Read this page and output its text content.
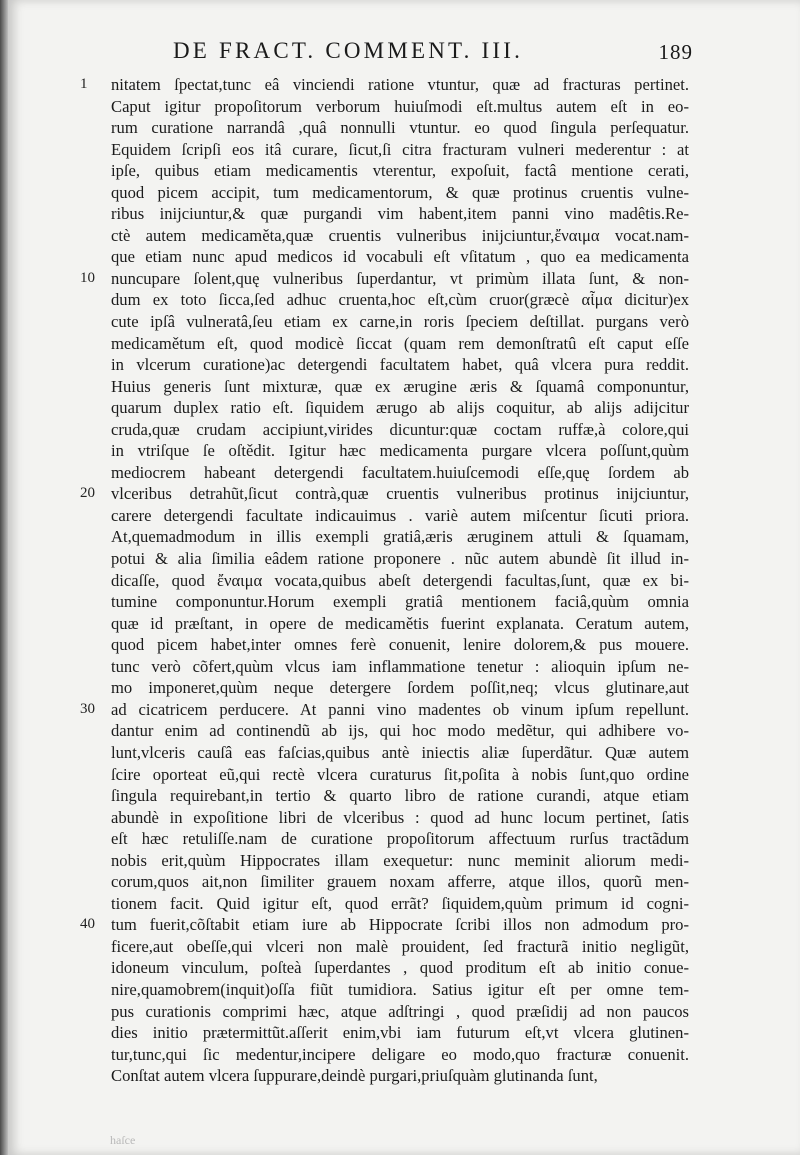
DE FRACT. COMMENT. III.	189
1 nitatem ſpectat,tunc eâ vinciendi ratione vtuntur, quæ ad fracturas pertinet.
Caput igitur propoſitorum verborum huiuſmodi eſt.multus autem eſt in eo-
rum curatione narrandâ ,quâ nonnulli vtuntur. eo quod ſingula perſequatur.
Equidem ſcripſi eos itâ curare, ſicut,ſi citra fracturam vulneri mederentur : at
ipſe, quibus etiam medicamentis vterentur, expoſuit, factâ mentione cerati,
quod picem accipit, tum medicamentorum, & quæ protinus cruentis vulne-
ribus inijciuntur,& quæ purgandi vim habent,item panni vino madêtis.Re-
ctè autem medicaměta,quæ cruentis vulneribus inijciuntur,ἔναιμα vocat.nam-
que etiam nunc apud medicos id vocabuli eſt vſitatum , quo ea medicamenta
10 nuncupare ſolent,quę vulneribus ſuperdantur, vt primùm illata ſunt, & non-
dum ex toto ſicca,ſed adhuc cruenta,hoc eſt,cùm cruor(græcè αἷμα dicitur)ex
cute ipſâ vulneratâ,ſeu etiam ex carne,in roris ſpeciem deſtillat. purgans verò
medicamětum eſt, quod modicè ſiccat (quam rem demonſtratû eſt caput eſſe
in vlcerum curatione)ac detergendi facultatem habet, quâ vlcera pura reddit.
Huius generis ſunt mixturæ, quæ ex ærugine æris & ſquamâ componuntur,
quarum duplex ratio eſt. ſiquidem ærugo ab alijs coquitur, ab alijs adijcitur
cruda,quæ crudam accipiunt,virides dicuntur:quæ coctam ruffæ,à colore,qui
in vtriſque ſe oſtědit. Igitur hæc medicamenta purgare vlcera poſſunt,quùm
mediocrem habeant detergendi facultatem.huiuſcemodi eſſe,quę ſordem ab
20 vlceribus detrahũt,ſicut contrà,quæ cruentis vulneribus protinus inijciuntur,
carere detergendi facultate indicauimus . variè autem miſcentur ſicuti priora.
At,quemadmodum in illis exempli gratiâ,æris æruginem attuli & ſquamam,
potui & alia ſimilia eâdem ratione proponere . nũc autem abundè ſit illud in-
dicaſſe, quod ἔναιμα vocata,quibus abeſt detergendi facultas,ſunt, quæ ex bi-
tumine componuntur.Horum exempli gratiâ mentionem faciâ,quùm omnia
quæ id præſtant, in opere de medicamětis fuerint explanata. Ceratum autem,
quod picem habet,inter omnes ferè conuenit, lenire dolorem,& pus mouere.
tunc verò cõfert,quùm vlcus iam inflammatione tenetur : alioquin ipſum ne-
mo imponeret,quùm neque detergere ſordem poſſit,neq; vlcus glutinare,aut
30 ad cicatricem perducere. At panni vino madentes ob vinum ipſum repellunt.
dantur enim ad continendũ ab ijs, qui hoc modo medẽtur, qui adhibere vo-
lunt,vlceris cauſâ eas faſcias,quibus antè iniectis aliæ ſuperdãtur. Quæ autem
ſcire oporteat eũ,qui rectè vlcera curaturus ſit,poſita à nobis ſunt,quo ordine
ſingula requirebant,in tertio & quarto libro de ratione curandi, atque etiam
abundè in expoſitione libri de vlceribus : quod ad hunc locum pertinet, ſatis
eſt hæc retuliſſe.nam de curatione propoſitorum affectuum rurſus tractãdum
nobis erit,quùm Hippocrates illam exequetur: nunc meminit aliorum medi-
corum,quos ait,non ſimiliter grauem noxam afferre, atque illos, quorũ men-
tionem facit. Quid igitur eſt, quod errãt? ſiquidem,quùm primum id cogni-
40 tum fuerit,cõſtabit etiam iure ab Hippocrate ſcribi illos non admodum pro-
ficere,aut obeſſe,qui vlceri non malè prouident, ſed fracturã initio negligũt,
idoneum vinculum, poſteà ſuperdantes , quod proditum eſt ab initio conue-
nire,quamobrem(inquit)oſſa fiũt tumidiora. Satius igitur eſt per omne tem-
pus curationis comprimi hæc, atque adſtringi , quod præſidij ad non paucos
dies initio prætermittũt.aſſerit enim,vbi iam futurum eſt,vt vlcera glutinen-
tur,tunc,qui ſic medentur,incipere deligare eo modo,quo fracturæ conuenit.
Conſtat autem vlcera ſuppurare,deindè purgari,priuſquàm glutinanda ſunt,
haſce
